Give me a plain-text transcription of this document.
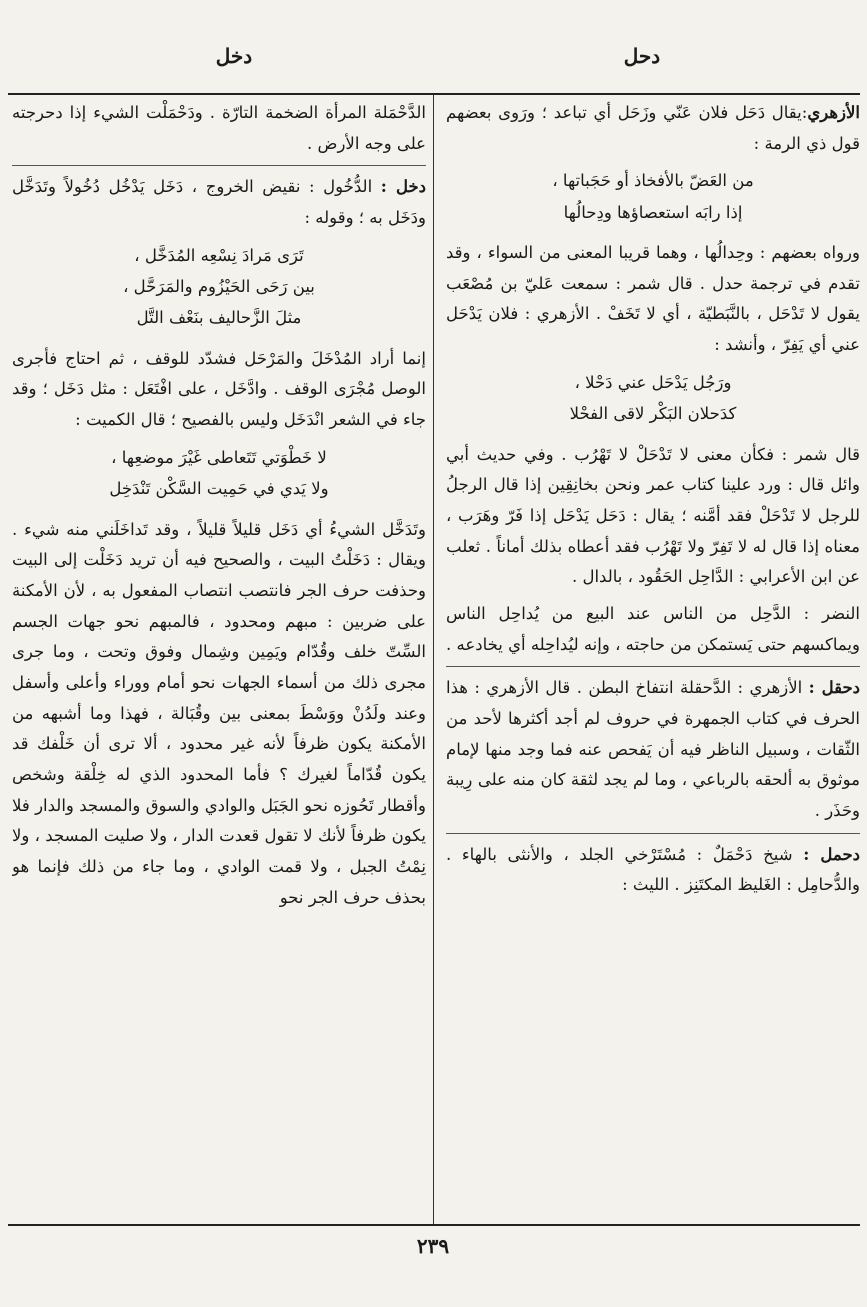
دحل
دخل

الأزهري:يقال دَحَل فلان عَنّي وزَحَل أي تباعد ؛ ورَوى بعضهم قول ذي الرمة :

من العَضّ بالأفخاذ أو حَجَباتها ،
إذا رابَه استعصاؤها ودِحالُها

ورواه بعضهم : وحِدالُها ، وهما قريبا المعنى من السواء ، وقد تقدم في ترجمة حدل . قال شمر : سمعت عَليّ بن مُصْعَب يقول لا تَدْحَل ، بالنَّبَطيّة ، أي لا تَخَفْ . الأزهري : فلان يَدْحَل عني أي يَفِرّ ، وأنشد :

ورَجُل يَدْحَل عني دَحْلا ،
كدَحلان البَكْر لاقى الفحْلا

قال شمر : فكأن معنى لا تَدْحَلْ لا تَهْرُب . وفي حديث أبي وائل قال : ورد علينا كتاب عمر ونحن بخانِقِين إذا قال الرجلُ للرجل لا تَدْحَلْ فقد أمَّنه ؛ يقال : دَحَل يَدْحَل إذا فَرّ وهَرَب ، معناه إذا قال له لا تَفِرّ ولا تَهْرُب فقد أعطاه بذلك أماناً . ثعلب عن ابن الأعرابي : الدَّاحِل الحَقُود ، بالدال .

النضر : الدَّحِل من الناس عند البيع من يُداحِل الناس ويماكسهم حتى يَستمكن من حاجته ، وإنه ليُداحِله أي يخادعه .

دحقل : الأزهري : الدَّحقلة انتفاخ البطن . قال الأزهري : هذا الحرف في كتاب الجمهرة في حروف لم أجد أكثرها لأحد من الثّقات ، وسبيل الناظر فيه أن يَفحص عنه فما وجد منها لإمام موثوق به ألحقه بالرباعي ، وما لم يجد لثقة كان منه على رِيبة وحَذَر .

دحمل : شيخ دَحْمَلٌ : مُسْتَرْخي الجلد ، والأنثى بالهاء . والدُّحامِل : الغَليظ المكتَنِز . الليث :

الدَّحْمَلة المرأة الضخمة التارّة . ودَحْمَلْت الشيء إذا دحرجته على وجه الأرض .

دخل : الدُّخُول : نقيض الخروج ، دَخَل يَدْخُل دُخُولاً وتَدَخَّل ودَخَل به ؛ وقوله :

تَرَى مَرادَ نِسْعِه المُدَخَّل ،
بين رَحَى الحَيْزُوم والمَرَحَّل ،
مثلَ الزَّحاليف بنَعْف التَّل

إنما أراد المُدْخَلَ والمَرْحَل فشدّد للوقف ، ثم احتاج فأجرى الوصل مُجْرَى الوقف . وادَّخَل ، على افْتَعَل : مثل دَخَل ؛ وقد جاء في الشعر انْدَخَل وليس بالفصيح ؛ قال الكميت :

لا خَطْوَتي تَتَعاطى غَيْرَ موضعِها ،
ولا يَدي في حَمِيت السَّكْن تَنْدَخِل

وتَدَخَّل الشيءُ أي دَخَل قليلاً قليلاً ، وقد تَداخَلَني منه شيء . ويقال : دَخَلْتُ البيت ، والصحيح فيه أن تريد دَخَلْت إلى البيت وحذفت حرف الجر فانتصب انتصاب المفعول به ، لأن الأمكنة على ضربين : مبهم ومحدود ، فالمبهم نحو جهات الجسم السِّتّ خلف وقُدّام ويَمِين وشِمال وفوق وتحت ، وما جرى مجرى ذلك من أسماء الجهات نحو أمام ووراء وأعلى وأسفل وعند ولَدُنْ ووَسْطَ بمعنى بين وقُبَالة ، فهذا وما أشبهه من الأمكنة يكون ظرفاً لأنه غير محدود ، ألا ترى أن خَلْفك قد يكون قُدّاماً لغيرك ؟ فأما المحدود الذي له خِلْقة وشخص وأقطار تَحُوزه نحو الجَبَل والوادي والسوق والمسجد والدار فلا يكون ظرفاً لأنك لا تقول قعدت الدار ، ولا صليت المسجد ، ولا نِمْتُ الجبل ، ولا قمت الوادي ، وما جاء من ذلك فإنما هو بحذف حرف الجر نحو

٢٣٩
